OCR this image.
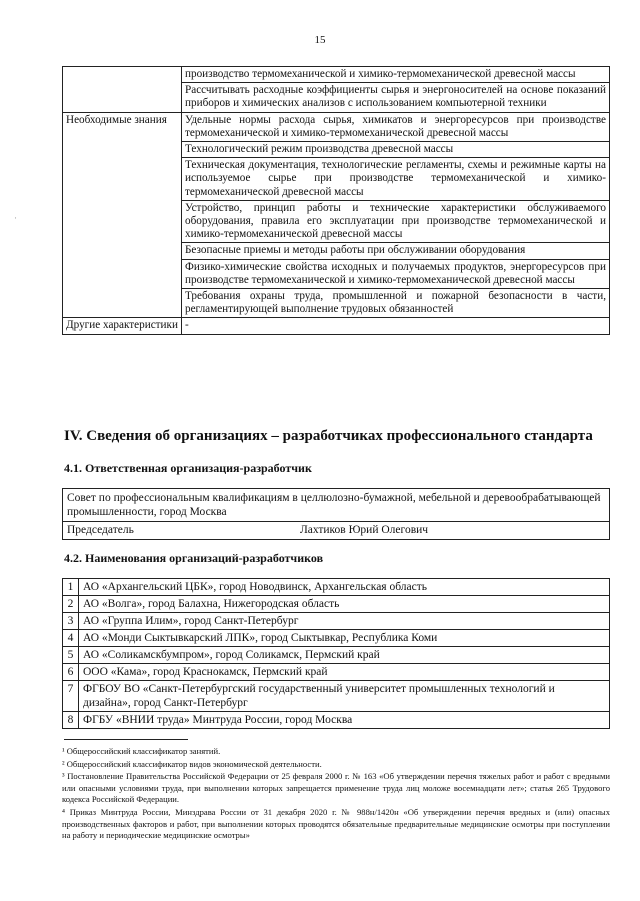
15
·
	производство термомеханической и химико-термомеханической древесной массы
	Рассчитывать расходные коэффициенты сырья и энергоносителей на основе показаний приборов и химических анализов с использованием компьютерной техники
Необходимые знания	Удельные нормы расхода сырья, химикатов и энергоресурсов при производстве термомеханической и химико-термомеханической древесной массы
	Технологический режим производства древесной массы
	Техническая документация, технологические регламенты, схемы и режимные карты на используемое сырье при производстве термомеханической и химико-термомеханической древесной массы
	Устройство, принцип работы и технические характеристики обслуживаемого оборудования, правила его эксплуатации при производстве термомеханической и химико-термомеханической древесной массы
	Безопасные приемы и методы работы при обслуживании оборудования
	Физико-химические свойства исходных и получаемых продуктов, энергоресурсов при производстве термомеханической и химико-термомеханической древесной массы
	Требования охраны труда, промышленной и пожарной безопасности в части, регламентирующей выполнение трудовых обязанностей
Другие характеристики	-
IV. Сведения об организациях – разработчиках профессионального стандарта
4.1. Ответственная организация-разработчик
Совет по профессиональным квалификациям в целлюлозно-бумажной, мебельной и деревообрабатывающей промышленности, город Москва
Председатель	Лахтиков Юрий Олегович
4.2. Наименования организаций-разработчиков
1	АО «Архангельский ЦБК», город Новодвинск, Архангельская область
2	АО «Волга», город Балахна, Нижегородская область
3	АО «Группа Илим», город Санкт-Петербург
4	АО «Монди Сыктывкарский ЛПК», город Сыктывкар, Республика Коми
5	АО «Соликамскбумпром», город Соликамск, Пермский край
6	ООО «Кама», город Краснокамск, Пермский край
7	ФГБОУ ВО «Санкт-Петербургский государственный университет промышленных технологий и дизайна», город Санкт-Петербург
8	ФГБУ «ВНИИ труда» Минтруда России, город Москва

¹ Общероссийский классификатор занятий.

² Общероссийский классификатор видов экономической деятельности.

³ Постановление Правительства Российской Федерации от 25 февраля 2000 г. № 163 «Об утверждении перечня тяжелых работ и работ с вредными или опасными условиями труда, при выполнении которых запрещается применение труда лиц моложе восемнадцати лет»; статья 265 Трудового кодекса Российской Федерации.

⁴ Приказ Минтруда России, Минздрава России от 31 декабря 2020 г. № 988н/1420н «Об утверждении перечня вредных и (или) опасных производственных факторов и работ, при выполнении которых проводятся обязательные предварительные медицинские осмотры при поступлении на работу и периодические медицинские осмотры»
